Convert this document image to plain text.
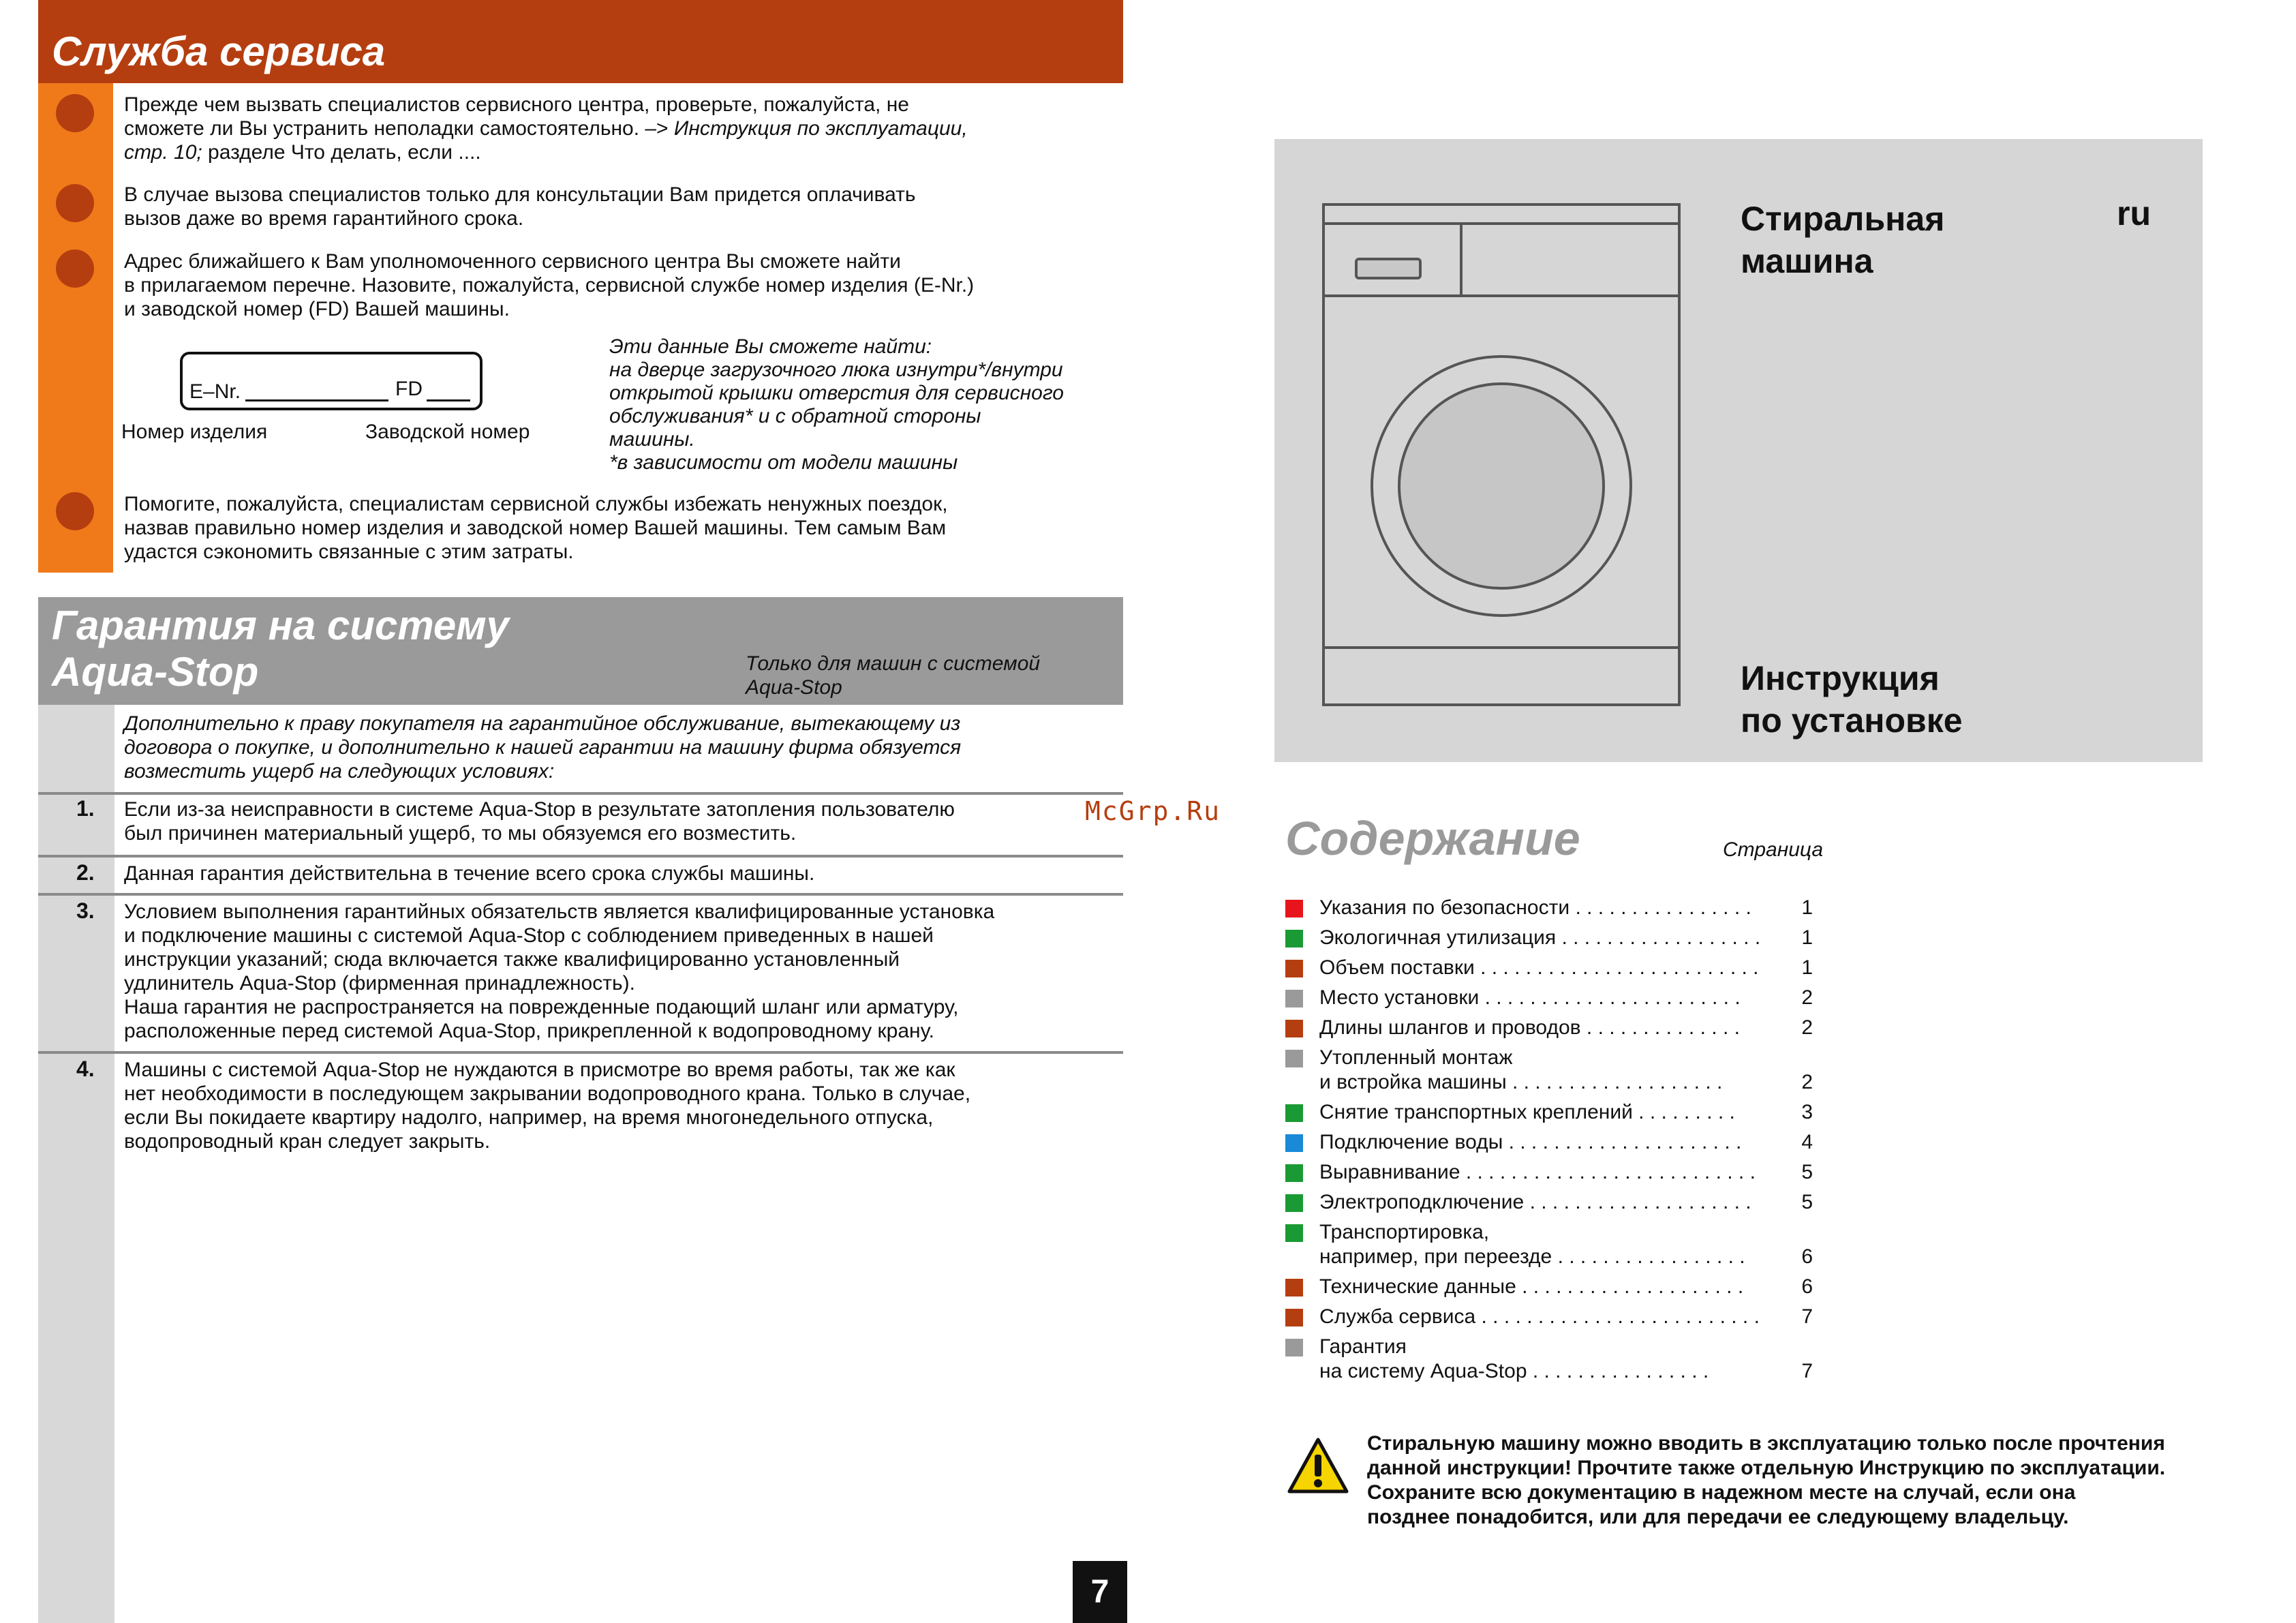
Служба сервиса
Прежде чем вызвать специалистов сервисного центра, проверьте, пожалуйста, не
сможете ли Вы устранить неполадки самостоятельно. –> Инструкция по эксплуатации,
стр. 10; разделе Что делать, если ....
В случае вызова специалистов только для консультации Вам придется оплачивать
вызов даже во время гарантийного срока.
Адрес ближайшего к Вам уполномоченного сервисного центра Вы сможете найти
в прилагаемом перечне. Назовите, пожалуйста, сервисной службе номер изделия (E-Nr.)
и заводской номер (FD) Вашей машины.
E–Nr.	FD
Номер изделия	Заводской номер
Эти данные Вы сможете найти:
на дверце загрузочного люка изнутри*/внутри
открытой крышки отверстия для сервисного
обслуживания* и с обратной стороны
машины.
*в зависимости от модели машины
Помогите, пожалуйста, специалистам сервисной службы избежать ненужных поездок,
назвав правильно номер изделия и заводской номер Вашей машины. Тем самым Вам
удастся сэкономить связанные с этим затраты.
Гарантия на систему
Aqua-Stop	Только для машин с системой
Aqua-Stop
Дополнительно к праву покупателя на гарантийное обслуживание, вытекающему из
договора о покупке, и дополнительно к нашей гарантии на машину фирма обязуется
возместить ущерб на следующих условиях:
1. Если из-за неисправности в системе Aqua-Stop в результате затопления пользователю
был причинен материальный ущерб, то мы обязуемся его возместить.
2. Данная гарантия действительна в течение всего срока службы машины.
3. Условием выполнения гарантийных обязательств является квалифицированные установка
и подключение машины с системой Aqua-Stop с соблюдением приведенных в нашей
инструкции указаний; сюда включается также квалифицированно установленный
удлинитель Aqua-Stop (фирменная принадлежность).
Наша гарантия не распространяется на поврежденные подающий шланг или арматуру,
расположенные перед системой Aqua-Stop, прикрепленной к водопроводному крану.
4. Машины с системой Aqua-Stop не нуждаются в присмотре во время работы, так же как
нет необходимости в последующем закрывании водопроводного крана. Только в случае,
если Вы покидаете квартиру надолго, например, на время многонедельного отпуска,
водопроводный кран следует закрыть.
7
McGrp.Ru
Стиральная
машина
ru
Инструкция
по установке
Содержание	Страница
Указания по безопасности . . . . . . . . . . . . . . . .	1
Экологичная утилизация . . . . . . . . . . . . . . . . . .	1
Объем поставки . . . . . . . . . . . . . . . . . . . . . . . . .	1
Место установки . . . . . . . . . . . . . . . . . . . . . . .	2
Длины шлангов и проводов . . . . . . . . . . . . . .	2
Утопленный монтаж
и встройка машины . . . . . . . . . . . . . . . . . . .	2
Снятие транспортных креплений . . . . . . . . .	3
Подключение воды . . . . . . . . . . . . . . . . . . . . .	4
Выравнивание . . . . . . . . . . . . . . . . . . . . . . . . . .	5
Электроподключение . . . . . . . . . . . . . . . . . . . .	5
Транспортировка,
например, при переезде . . . . . . . . . . . . . . . . .	6
Технические данные . . . . . . . . . . . . . . . . . . . .	6
Служба сервиса . . . . . . . . . . . . . . . . . . . . . . . . .	7
Гарантия
на систему Aqua-Stop . . . . . . . . . . . . . . . .	7
Стиральную машину можно вводить в эксплуатацию только после прочтения
данной инструкции! Прочтите также отдельную Инструкцию по эксплуатации.
Сохраните всю документацию в надежном месте на случай, если она
позднее понадобится, или для передачи ее следующему владельцу.
